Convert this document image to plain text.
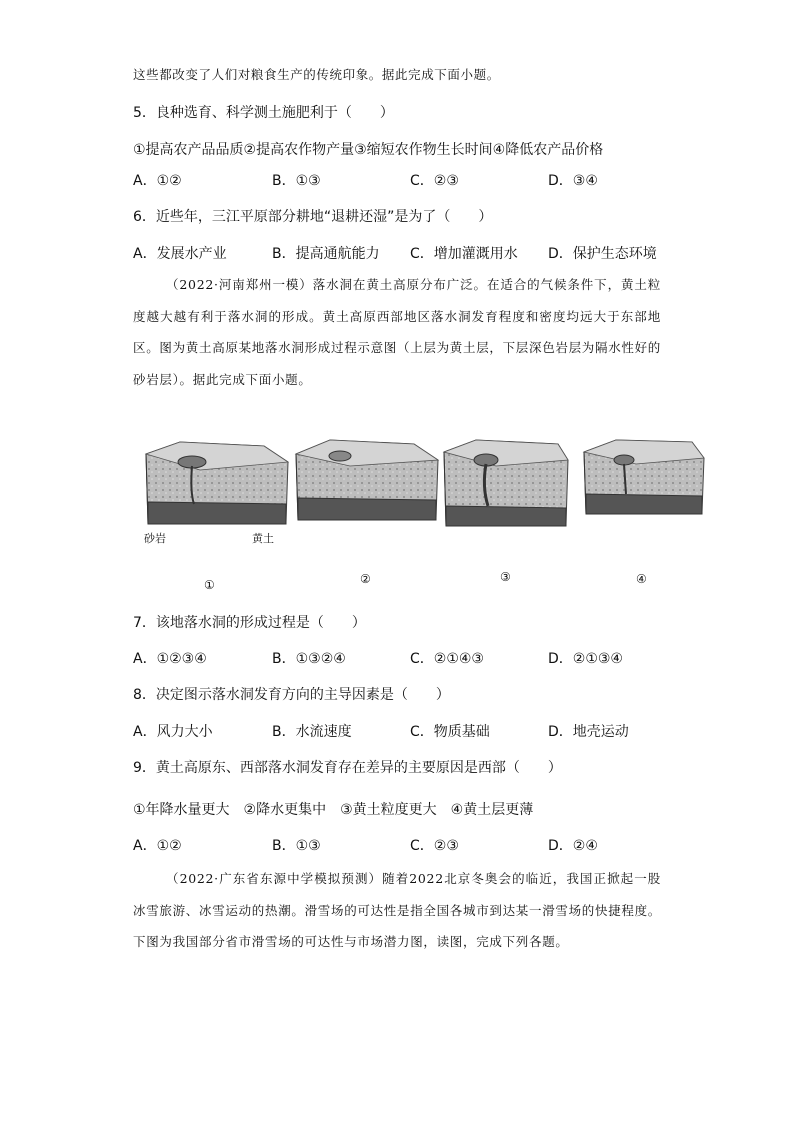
这些都改变了人们对粮食生产的传统印象。据此完成下面小题。
5．良种选育、科学测土施肥利于（　　）
①提高农产品品质②提高农作物产量③缩短农作物生长时间④降低农产品价格
A．①②	B．①③	C．②③	D．③④
6．近些年，三江平原部分耕地“退耕还湿”是为了（　　）
A．发展水产业	B．提高通航能力 C．增加灌溉用水 D．保护生态环境
（2022·河南郑州一模）落水洞在黄土高原分布广泛。在适合的气候条件下，黄土粒度越大越有利于落水洞的形成。黄土高原西部地区落水洞发育程度和密度均远大于东部地区。图为黄土高原某地落水洞形成过程示意图（上层为黄土层，下层深色岩层为隔水性好的砂岩层）。据此完成下面小题。
砂岩	黄土
①	②	③	④
7．该地落水洞的形成过程是（　　）
A．①②③④	B．①③②④	C．②①④③	D．②①③④
8．决定图示落水洞发育方向的主导因素是（　　）
A．风力大小	B．水流速度	C．物质基础	D．地壳运动
9．黄土高原东、西部落水洞发育存在差异的主要原因是西部（　　）
①年降水量更大　②降水更集中　③黄土粒度更大　④黄土层更薄
A．①②	B．①③	C．②③	D．②④
（2022·广东省东源中学模拟预测）随着2022北京冬奥会的临近，我国正掀起一股冰雪旅游、冰雪运动的热潮。滑雪场的可达性是指全国各城市到达某一滑雪场的快捷程度。下图为我国部分省市滑雪场的可达性与市场潜力图，读图，完成下列各题。
